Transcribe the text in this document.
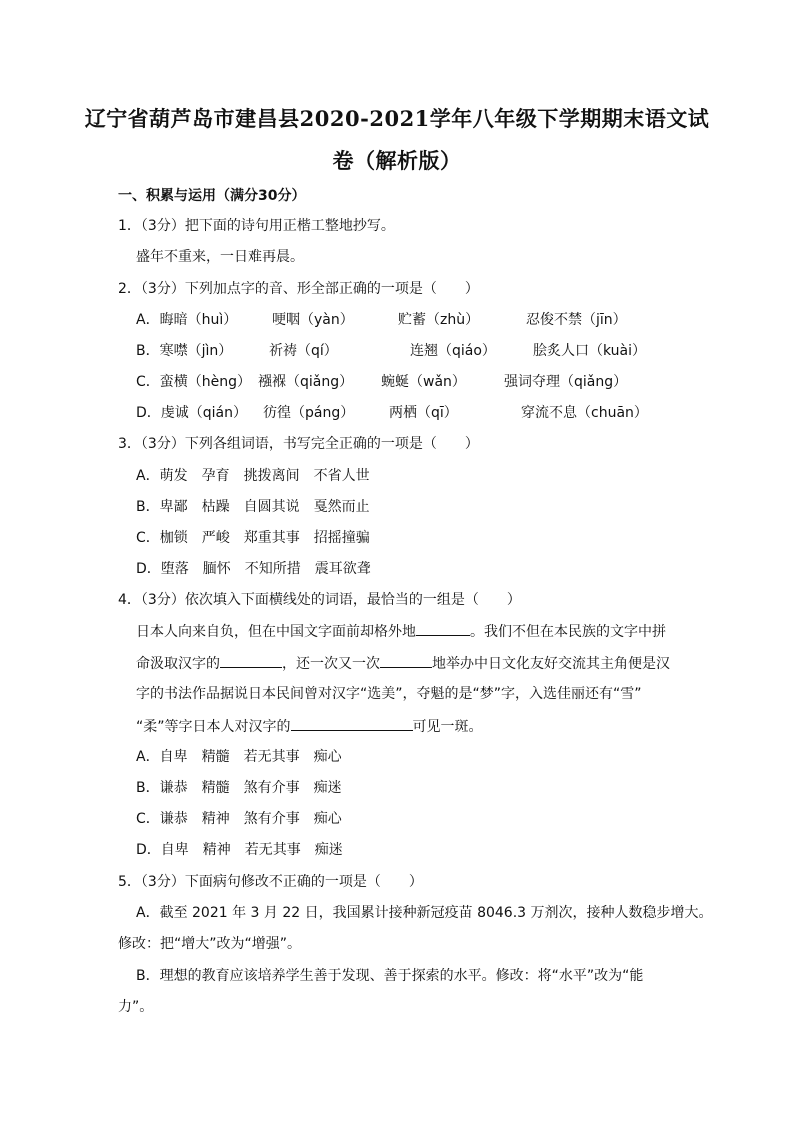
辽宁省葫芦岛市建昌县2020-2021学年八年级下学期期末语文试
卷（解析版）
一、积累与运用（满分30分）
1．（3分）把下面的诗句用正楷工整地抄写。
盛年不重来，一日难再晨。
2．（3分）下列加点字的音、形全部正确的一项是（　　）
A．晦暗（huì） 哽咽（yàn）	贮蓄（zhù）	忍俊不禁（jīn）
B．寒噤（jìn）	祈祷（qí）	连翘（qiáo）	脍炙人口（kuài）
C．蛮横（hèng） 襁褓（qiǎng） 蜿蜒（wǎn）	强词夺理（qiǎng）
D．虔诚（qián） 彷徨（páng） 两栖（qī）	穿流不息（chuān）
3．（3分）下列各组词语，书写完全正确的一项是（　　）
A．萌发　孕育　挑拨离间　不省人世
B．卑鄙　枯躁　自圆其说　戛然而止
C．枷锁　严峻　郑重其事　招摇撞骗
D．堕落　腼怀　不知所措　震耳欲聋
4．（3分）依次填入下面横线处的词语，最恰当的一组是（　　）
日本人向来自负，但在中国文字面前却格外地	。我们不但在本民族的文字中拼
命汲取汉字的	，还一次又一次	地举办中日文化友好交流其主角便是汉
字的书法作品据说日本民间曾对汉字“选美”，夺魁的是“梦”字，入选佳丽还有“雪”
“柔”等字日本人对汉字的	可见一斑。
A．自卑　精髓　若无其事　痴心
B．谦恭　精髓　煞有介事　痴迷
C．谦恭　精神　煞有介事　痴心
D．自卑　精神　若无其事　痴迷
5．（3分）下面病句修改不正确的一项是（　　）
A．截至 2021 年 3 月 22 日，我国累计接种新冠疫苗 8046.3 万剂次，接种人数稳步增大。
修改：把“增大”改为“增强”。
B．理想的教育应该培养学生善于发现、善于探索的水平。修改：将“水平”改为“能
力”。
